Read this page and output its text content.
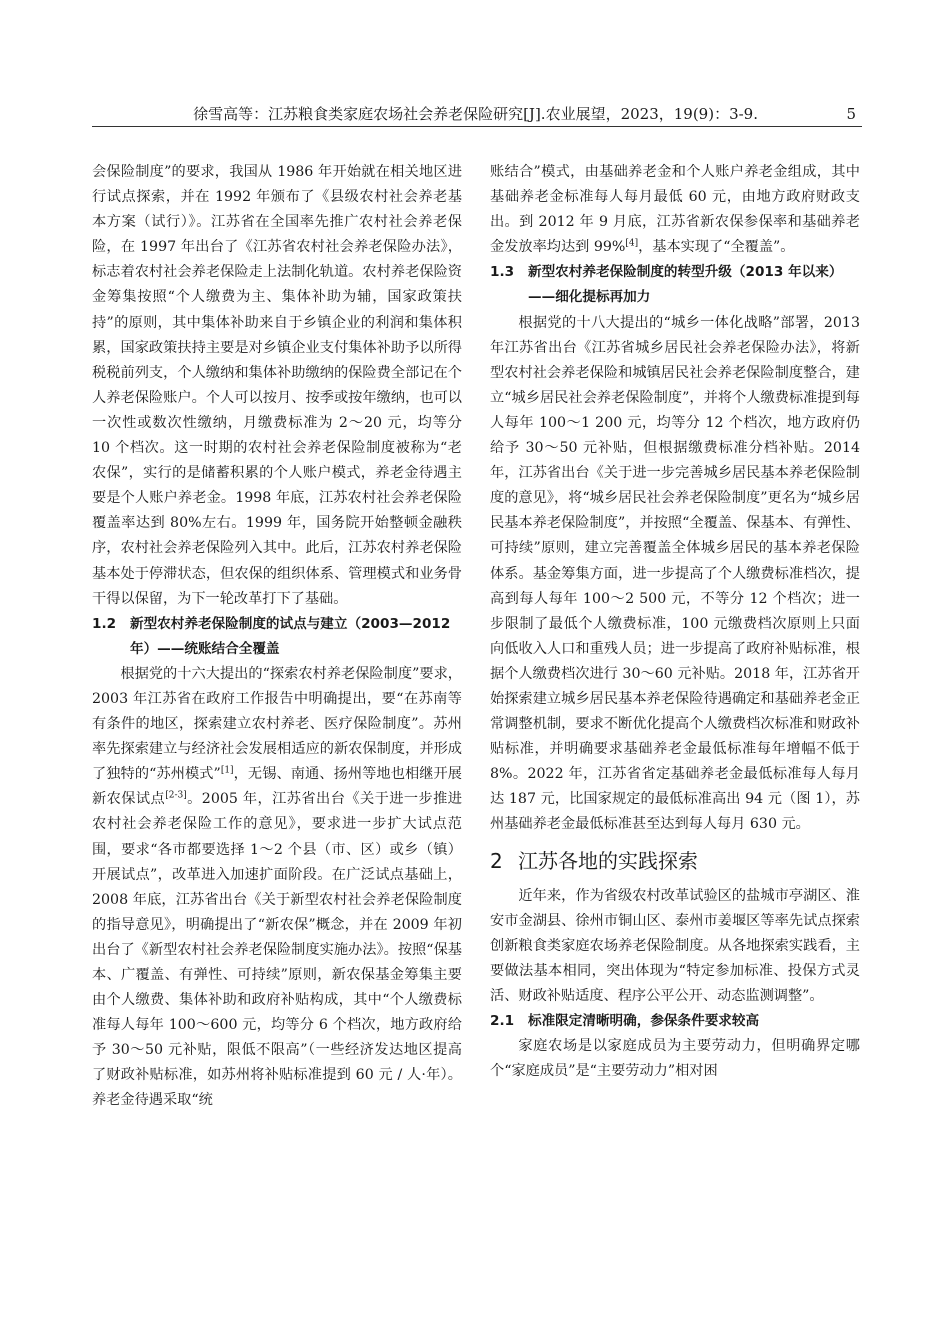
徐雪高等：江苏粮食类家庭农场社会养老保险研究[J].农业展望，2023，19(9)：3-9.	5

会保险制度”的要求，我国从 1986 年开始就在相关地区进行试点探索，并在 1992 年颁布了《县级农村社会养老基本方案（试行）》。江苏省在全国率先推广农村社会养老保险，在 1997 年出台了《江苏省农村社会养老保险办法》，标志着农村社会养老保险走上法制化轨道。农村养老保险资金筹集按照“个人缴费为主、集体补助为辅，国家政策扶持”的原则，其中集体补助来自于乡镇企业的利润和集体积累，国家政策扶持主要是对乡镇企业支付集体补助予以所得税税前列支，个人缴纳和集体补助缴纳的保险费全部记在个人养老保险账户。个人可以按月、按季或按年缴纳，也可以一次性或数次性缴纳，月缴费标准为 2～20 元，均等分 10 个档次。这一时期的农村社会养老保险制度被称为“老农保”，实行的是储蓄积累的个人账户模式，养老金待遇主要是个人账户养老金。1998 年底，江苏农村社会养老保险覆盖率达到 80%左右。1999 年，国务院开始整顿金融秩序，农村社会养老保险列入其中。此后，江苏农村养老保险基本处于停滞状态，但农保的组织体系、管理模式和业务骨干得以保留，为下一轮改革打下了基础。

1.2 新型农村养老保险制度的试点与建立（2003—2012 年）——统账结合全覆盖

根据党的十六大提出的“探索农村养老保险制度”要求，2003 年江苏省在政府工作报告中明确提出，要“在苏南等有条件的地区，探索建立农村养老、医疗保险制度”。苏州率先探索建立与经济社会发展相适应的新农保制度，并形成了独特的“苏州模式”[1]，无锡、南通、扬州等地也相继开展新农保试点[2-3]。2005 年，江苏省出台《关于进一步推进农村社会养老保险工作的意见》，要求进一步扩大试点范围，要求“各市都要选择 1～2 个县（市、区）或乡（镇）开展试点”，改革进入加速扩面阶段。在广泛试点基础上，2008 年底，江苏省出台《关于新型农村社会养老保险制度的指导意见》，明确提出了“新农保”概念，并在 2009 年初出台了《新型农村社会养老保险制度实施办法》。按照“保基本、广覆盖、有弹性、可持续”原则，新农保基金筹集主要由个人缴费、集体补助和政府补贴构成，其中“个人缴费标准每人每年 100～600 元，均等分 6 个档次，地方政府给予 30～50 元补贴，限低不限高”（一些经济发达地区提高了财政补贴标准，如苏州将补贴标准提到 60 元 / 人·年）。养老金待遇采取“统

账结合”模式，由基础养老金和个人账户养老金组成，其中基础养老金标准每人每月最低 60 元，由地方政府财政支出。到 2012 年 9 月底，江苏省新农保参保率和基础养老金发放率均达到 99%[4]，基本实现了“全覆盖”。

1.3 新型农村养老保险制度的转型升级（2013 年以来）——细化提标再加力

根据党的十八大提出的“城乡一体化战略”部署，2013 年江苏省出台《江苏省城乡居民社会养老保险办法》，将新型农村社会养老保险和城镇居民社会养老保险制度整合，建立“城乡居民社会养老保险制度”，并将个人缴费标准提到每人每年 100～1 200 元，均等分 12 个档次，地方政府仍给予 30～50 元补贴，但根据缴费标准分档补贴。2014 年，江苏省出台《关于进一步完善城乡居民基本养老保险制度的意见》，将“城乡居民社会养老保险制度”更名为“城乡居民基本养老保险制度”，并按照“全覆盖、保基本、有弹性、可持续”原则，建立完善覆盖全体城乡居民的基本养老保险体系。基金筹集方面，进一步提高了个人缴费标准档次，提高到每人每年 100～2 500 元，不等分 12 个档次；进一步限制了最低个人缴费标准，100 元缴费档次原则上只面向低收入人口和重残人员；进一步提高了政府补贴标准，根据个人缴费档次进行 30～60 元补贴。2018 年，江苏省开始探索建立城乡居民基本养老保险待遇确定和基础养老金正常调整机制，要求不断优化提高个人缴费档次标准和财政补贴标准，并明确要求基础养老金最低标准每年增幅不低于 8%。2022 年，江苏省省定基础养老金最低标准每人每月达 187 元，比国家规定的最低标准高出 94 元（图 1），苏州基础养老金最低标准甚至达到每人每月 630 元。

2 江苏各地的实践探索

近年来，作为省级农村改革试验区的盐城市亭湖区、淮安市金湖县、徐州市铜山区、泰州市姜堰区等率先试点探索创新粮食类家庭农场养老保险制度。从各地探索实践看，主要做法基本相同，突出体现为“特定参加标准、投保方式灵活、财政补贴适度、程序公平公开、动态监测调整”。

2.1 标准限定清晰明确，参保条件要求较高

家庭农场是以家庭成员为主要劳动力，但明确界定哪个“家庭成员”是“主要劳动力”相对困
